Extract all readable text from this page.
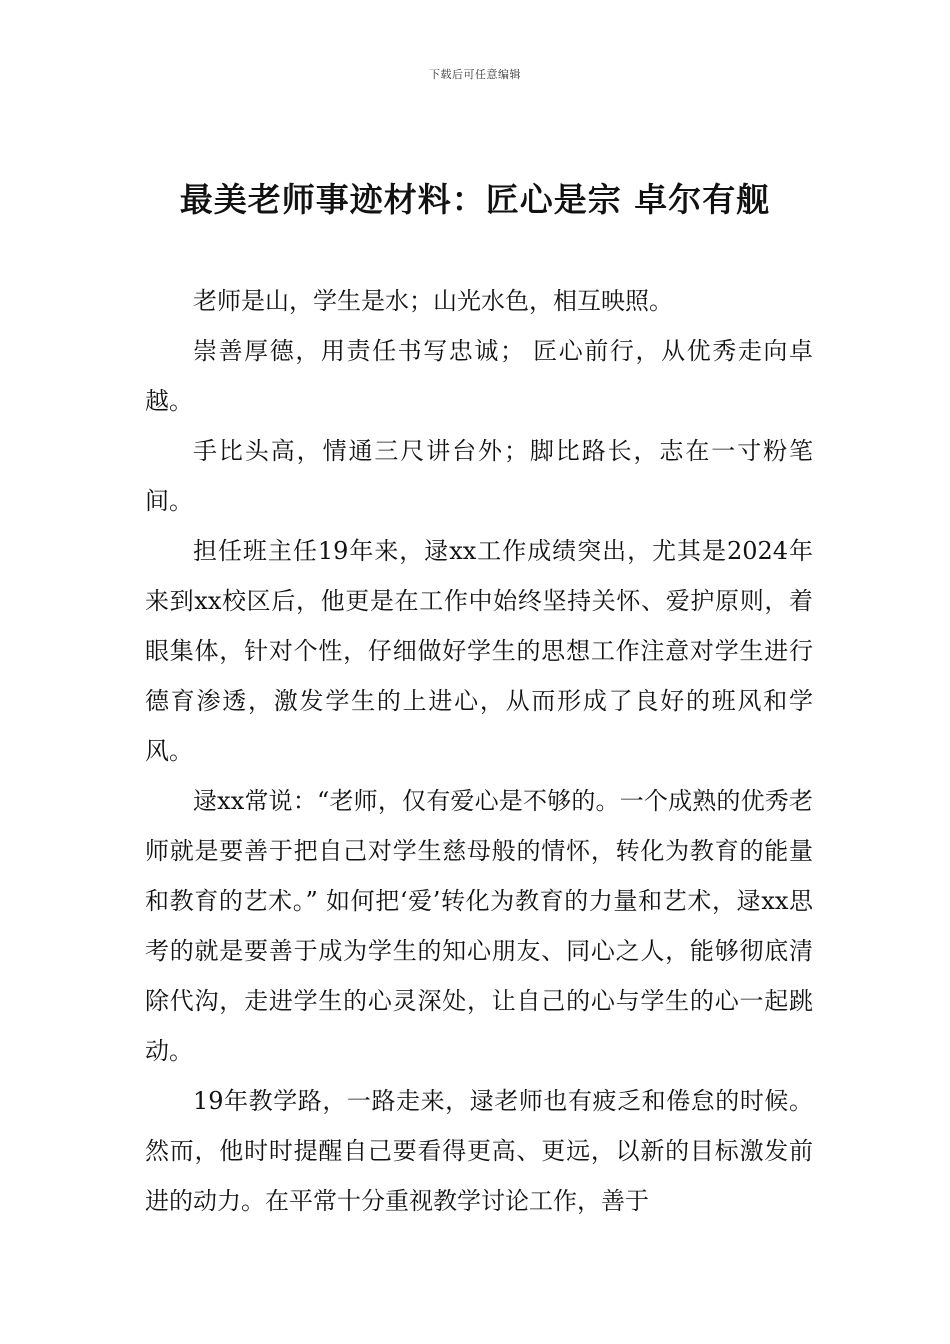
下载后可任意编辑
最美老师事迹材料：匠心是宗 卓尔有舰

老师是山，学生是水；山光水色，相互映照。

崇善厚德，用责任书写忠诚； 匠心前行，从优秀走向卓越。

手比头高，情通三尺讲台外；脚比路长，志在一寸粉笔间。

担任班主任19年来，逯xx工作成绩突出，尤其是2024年来到xx校区后，他更是在工作中始终坚持关怀、爱护原则，着眼集体，针对个性，仔细做好学生的思想工作注意对学生进行德育渗透，激发学生的上进心，从而形成了良好的班风和学风。

逯xx常说：“老师，仅有爱心是不够的。一个成熟的优秀老师就是要善于把自己对学生慈母般的情怀，转化为教育的能量和教育的艺术。” 如何把‘爱’转化为教育的力量和艺术，逯xx思考的就是要善于成为学生的知心朋友、同心之人，能够彻底清除代沟，走进学生的心灵深处，让自己的心与学生的心一起跳动。

19年教学路，一路走来，逯老师也有疲乏和倦怠的时候。然而，他时时提醒自己要看得更高、更远，以新的目标激发前进的动力。在平常十分重视教学讨论工作，善于
